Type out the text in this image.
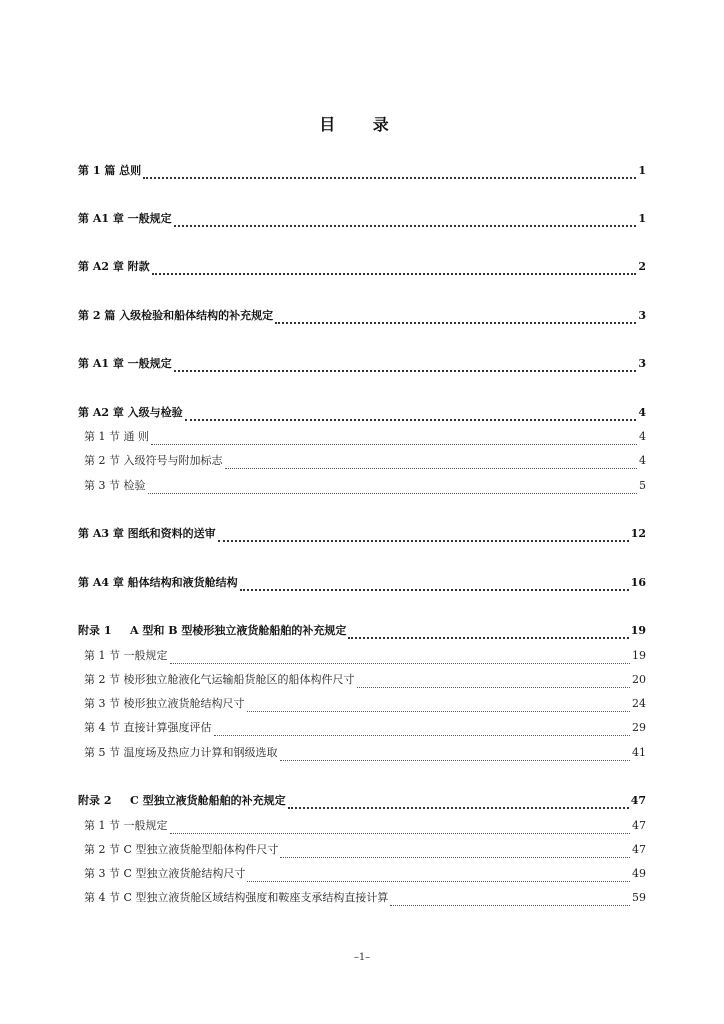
目 录
第 1 篇 总则	1
第 A1 章 一般规定	1
第 A2 章 附款	2
第 2 篇 入级检验和船体结构的补充规定	3
第 A1 章 一般规定	3
第 A2 章 入级与检验	4
第 1 节 通 则	4
第 2 节 入级符号与附加标志	4
第 3 节 检验	5
第 A3 章 图纸和资料的送审	12
第 A4 章 船体结构和液货舱结构	16
附录 1 A 型和 B 型棱形独立液货舱船舶的补充规定	19
第 1 节 一般规定	19
第 2 节 棱形独立舱液化气运输船货舱区的船体构件尺寸	20
第 3 节 棱形独立液货舱结构尺寸	24
第 4 节 直接计算强度评估	29
第 5 节 温度场及热应力计算和钢级选取	41
附录 2 C 型独立液货舱船舶的补充规定	47
第 1 节 一般规定	47
第 2 节 C 型独立液货舱型船体构件尺寸	47
第 3 节 C 型独立液货舱结构尺寸	49
第 4 节 C 型独立液货舱区域结构强度和鞍座支承结构直接计算	59
–1–
